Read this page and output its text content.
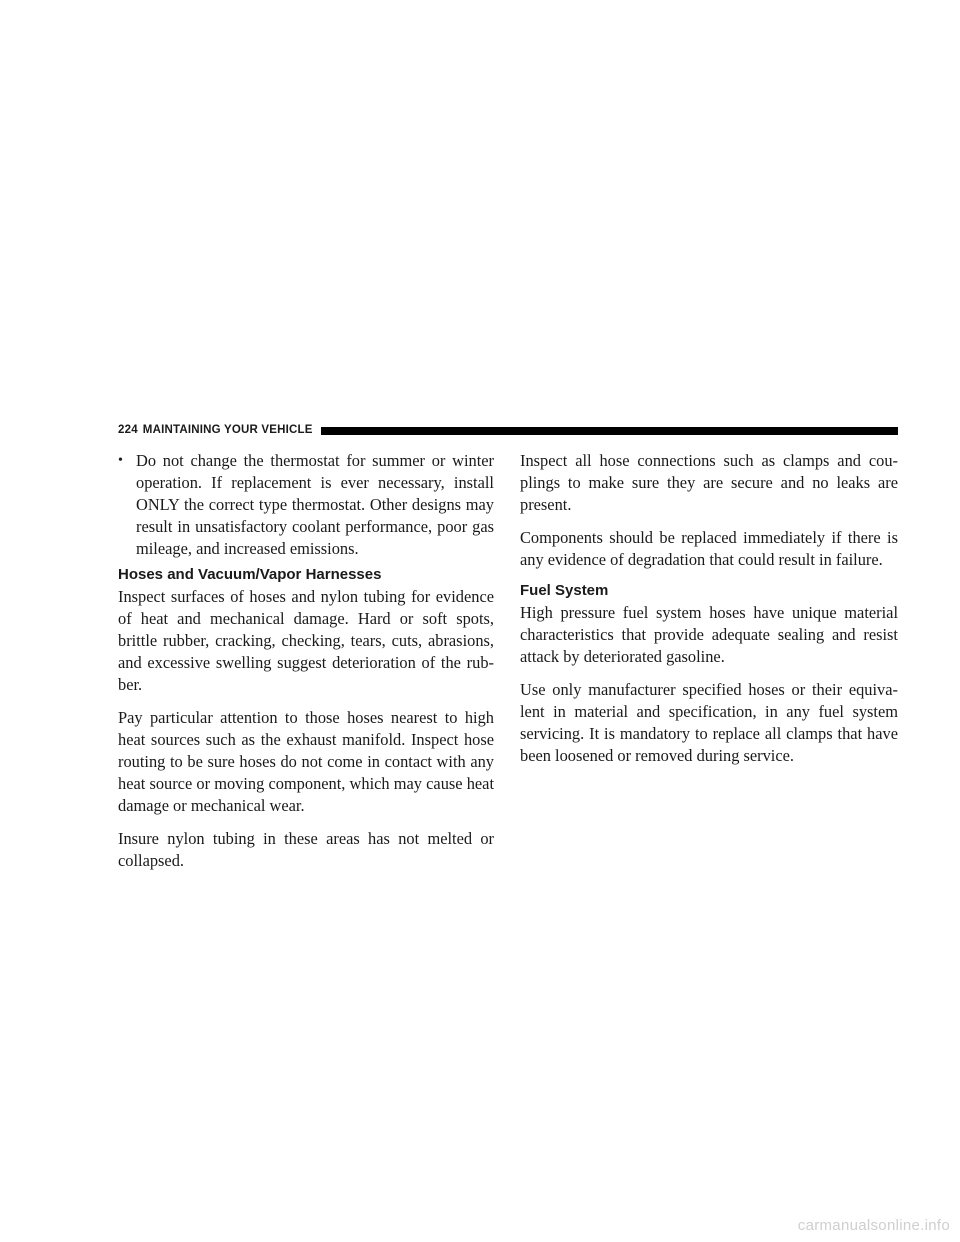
224 MAINTAINING YOUR VEHICLE
• Do not change the thermostat for summer or winter operation. If replacement is ever necessary, install ONLY the correct type thermostat. Other designs may result in unsatisfactory coolant performance, poor gas mileage, and increased emissions.
Hoses and Vacuum/Vapor Harnesses

Inspect surfaces of hoses and nylon tubing for evidence of heat and mechanical damage. Hard or soft spots, brittle rubber, cracking, checking, tears, cuts, abrasions, and excessive swelling suggest deterioration of the rubber.

Pay particular attention to those hoses nearest to high heat sources such as the exhaust manifold. Inspect hose routing to be sure hoses do not come in contact with any heat source or moving component, which may cause heat damage or mechanical wear.

Insure nylon tubing in these areas has not melted or collapsed.

Inspect all hose connections such as clamps and couplings to make sure they are secure and no leaks are present.

Components should be replaced immediately if there is any evidence of degradation that could result in failure.

Fuel System

High pressure fuel system hoses have unique material characteristics that provide adequate sealing and resist attack by deteriorated gasoline.

Use only manufacturer specified hoses or their equivalent in material and specification, in any fuel system servicing. It is mandatory to replace all clamps that have been loosened or removed during service.

carmanualsonline.info
